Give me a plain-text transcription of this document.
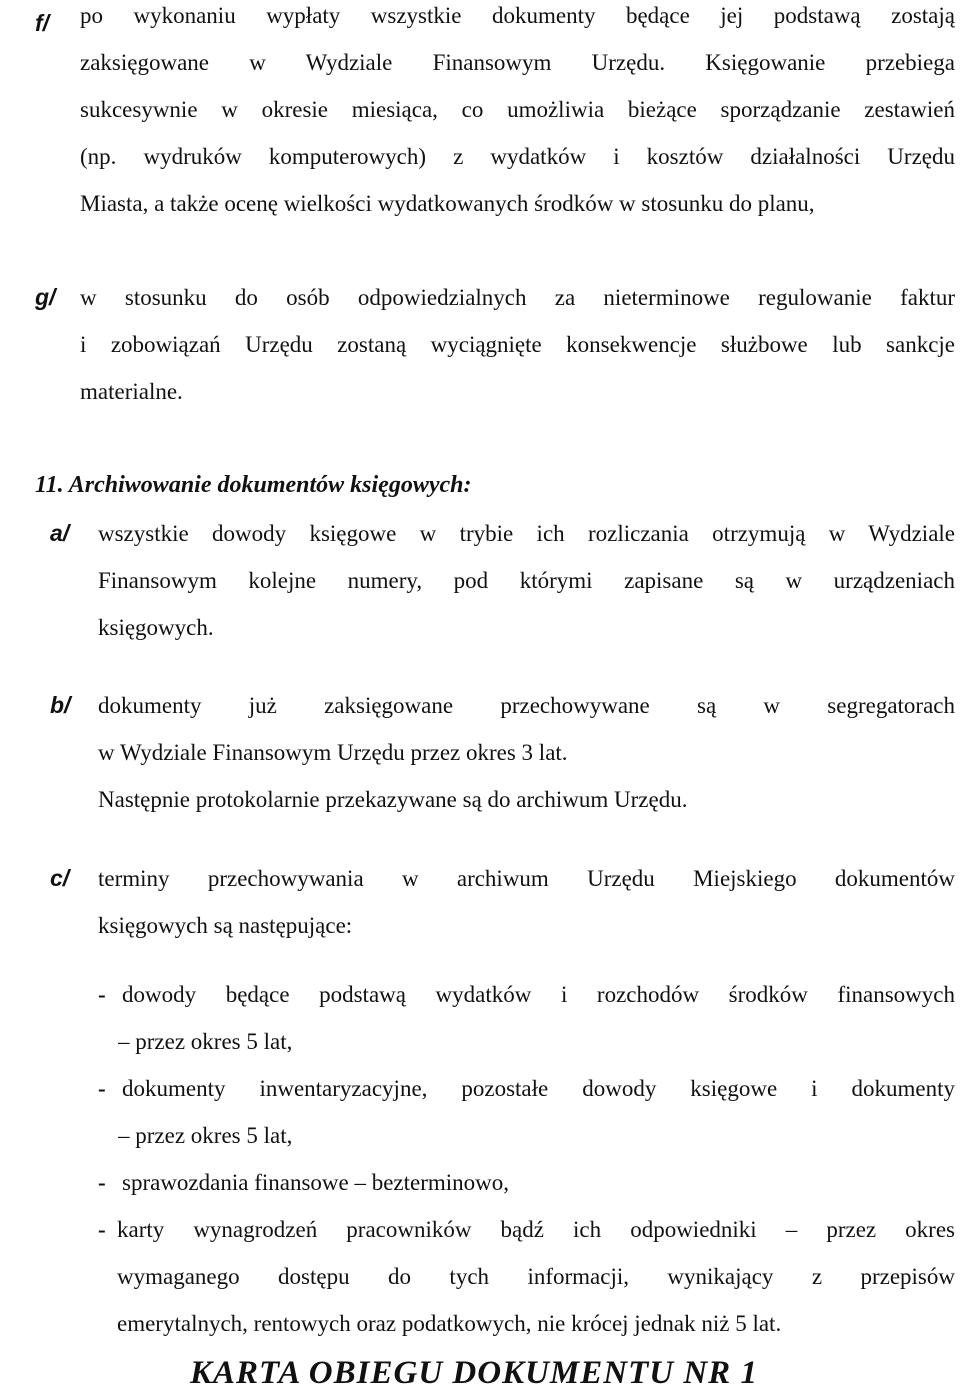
f/ po wykonaniu wypłaty wszystkie dokumenty będące jej podstawą zostają
zaksięgowane w Wydziale Finansowym Urzędu. Księgowanie przebiega
sukcesywnie w okresie miesiąca, co umożliwia bieżące sporządzanie zestawień
(np. wydruków komputerowych) z wydatków i kosztów działalności Urzędu
Miasta, a także ocenę wielkości wydatkowanych środków w stosunku do planu,
g/ w stosunku do osób odpowiedzialnych za nieterminowe regulowanie faktur
i zobowiązań Urzędu zostaną wyciągnięte konsekwencje służbowe lub sankcje
materialne.
11. Archiwowanie dokumentów księgowych:
a/ wszystkie dowody księgowe w trybie ich rozliczania otrzymują w Wydziale
Finansowym kolejne numery, pod którymi zapisane są w urządzeniach
księgowych.
b/ dokumenty już zaksięgowane przechowywane są w segregatorach
w Wydziale Finansowym Urzędu przez okres 3 lat.
Następnie protokolarnie przekazywane są do archiwum Urzędu.
c/ terminy przechowywania w archiwum Urzędu Miejskiego dokumentów
księgowych są następujące:
- dowody będące podstawą wydatków i rozchodów środków finansowych
– przez okres 5 lat,
- dokumenty inwentaryzacyjne, pozostałe dowody księgowe i dokumenty
– przez okres 5 lat,
- sprawozdania finansowe – bezterminowo,
- karty wynagrodzeń pracowników bądź ich odpowiedniki – przez okres
wymaganego dostępu do tych informacji, wynikający z przepisów
emerytalnych, rentowych oraz podatkowych, nie krócej jednak niż 5 lat.
KARTA OBIEGU DOKUMENTU NR 1
